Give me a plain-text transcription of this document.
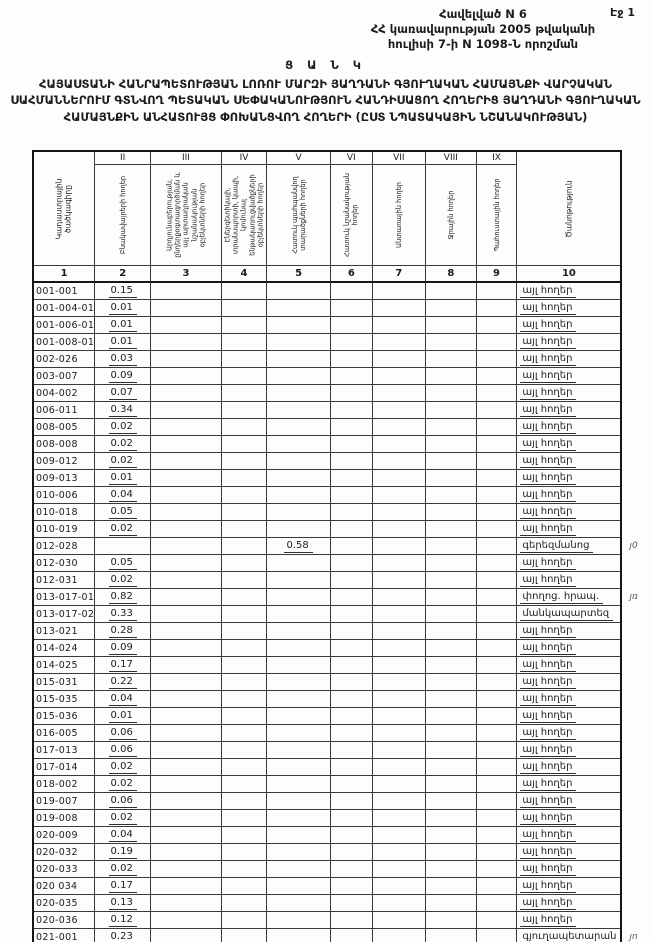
Էջ 1
Հավելված N 6
ՀՀ կառավարության 2005 թվականի
հուլիսի 7-ի N 1098-Ն որոշման
Ց Ա Ն Կ
ՀԱՅԱՍՏԱՆԻ ՀԱՆՐԱՊԵՏՈՒԹՅԱՆ ԼՈՌՈՒ ՄԱՐԶԻ ՅԱՂԴԱՆԻ ԳՅՈՒՂԱԿԱՆ ՀԱՄԱՅՆՔԻ ՎԱՐՉԱԿԱՆ ՍԱՀՄԱՆՆԵՐՈՒՄ ԳՏՆՎՈՂ ՊԵՏԱԿԱՆ ՍԵՓԱԿԱՆՈՒԹՅՈՒՆ ՀԱՆԴԻՍԱՑՈՂ ՀՈՂԵՐԻՑ ՅԱՂԴԱՆԻ ԳՅՈՒՂԱԿԱՆ ՀԱՄԱՅՆՔԻՆ ԱՆՀԱՏՈՒՅՑ ՓՈԽԱՆՑՎՈՂ ՀՈՂԵՐԻ (ԸՍՏ ՆՊԱՏԱԿԱՅԻՆ ՆՇԱՆԱԿՈՒԹՅԱՆ)
Կադաստրային ծածկագիրը	II	III	IV	V	VI	VII	VIII	IX	Ծանոթություն	

	Բնակավայրերի հողեր	Արդյունաբերության, ընդերքօգտագործման և այլ արտադրական նշանակության օբյեկտների հողեր	Էներգետիկայի, տրանսպորտի, կապի, կոմունալ ենթակառուցվածքների օբյեկտների հողեր	Հատուկ պահպանվող տարածքների հողեր	Հատուկ նշանակության հողեր	Անտառային հողեր	Ջրային հողեր	Պահուստային հողեր		

1	2	3	4	5	6	7	8	9	10	
001-001	0.15								այլ հողեր	
001-004-01	0.01								այլ հողեր	
001-006-01	0.01								այլ հողեր	
001-008-01	0.01								այլ հողեր	
002-026	0.03								այլ հողեր	
003-007	0.09								այլ հողեր	
004-002	0.07								այլ հողեր	
006-011	0.34								այլ հողեր	
008-005	0.02								այլ հողեր	
008-008	0.02								այլ հողեր	
009-012	0.02								այլ հողեր	
009-013	0.01								այլ հողեր	
010-006	0.04								այլ հողեր	
010-018	0.05								այլ հողեր	
010-019	0.02								այլ հողեր	
012-028				0.58					գերեզմանոց	յ0
012-030	0.05								այլ հողեր	
012-031	0.02								այլ հողեր	
013-017-01	0.82								փողոց. հրապ.	յռ
013-017-02	0.33								մանկապարտեզ	
013-021	0.28								այլ հողեր	
014-024	0.09								այլ հողեր	
014-025	0.17								այլ հողեր	
015-031	0.22								այլ հողեր	
015-035	0.04								այլ հողեր	
015-036	0.01								այլ հողեր	
016-005	0.06								այլ հողեր	
017-013	0.06								այլ հողեր	
017-014	0.02								այլ հողեր	
018-002	0.02								այլ հողեր	
019-007	0.06								այլ հողեր	
019-008	0.02								այլ հողեր	
020-009	0.04								այլ հողեր	
020-032	0.19								այլ հողեր	
020-033	0.02								այլ հողեր	
020 034	0.17								այլ հողեր	
020-035	0.13								այլ հողեր	
020-036	0.12								այլ հողեր	
021-001	0.23								գյուղապետարան	յո
